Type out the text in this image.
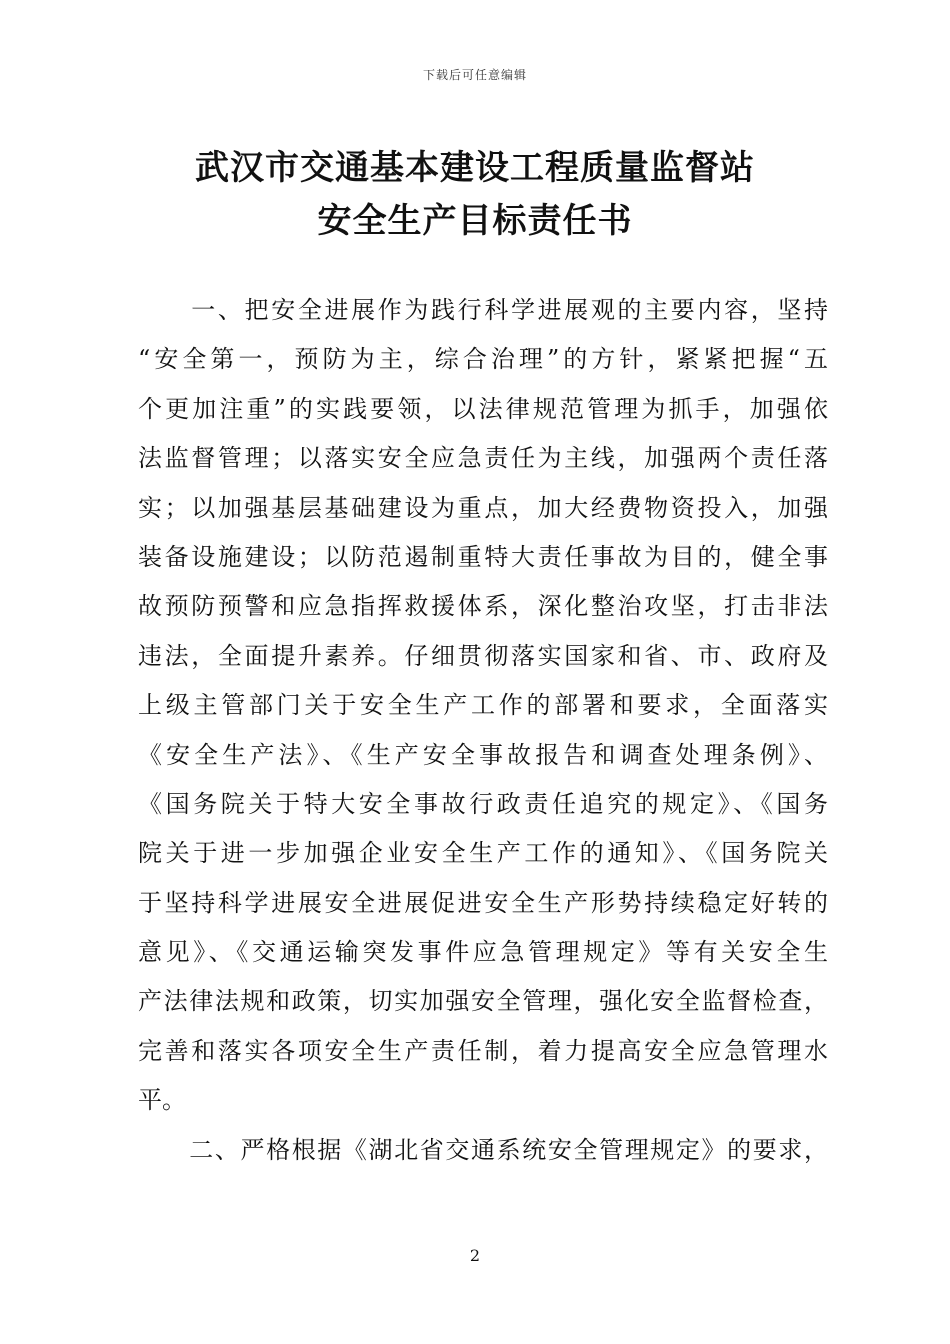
下载后可任意编辑
武汉市交通基本建设工程质量监督站
安全生产目标责任书
　　一、把安全进展作为践行科学进展观的主要内容，坚持
“安全第一，预防为主，综合治理”的方针，紧紧把握“五
个更加注重”的实践要领，以法律规范管理为抓手，加强依
法监督管理；以落实安全应急责任为主线，加强两个责任落
实；以加强基层基础建设为重点，加大经费物资投入，加强
装备设施建设；以防范遏制重特大责任事故为目的，健全事
故预防预警和应急指挥救援体系，深化整治攻坚，打击非法
违法，全面提升素养。仔细贯彻落实国家和省、市、政府及
上级主管部门关于安全生产工作的部署和要求，全面落实
《安全生产法》、《生产安全事故报告和调查处理条例》、
《国务院关于特大安全事故行政责任追究的规定》、《国务
院关于进一步加强企业安全生产工作的通知》、《国务院关
于坚持科学进展安全进展促进安全生产形势持续稳定好转的
意见》、《交通运输突发事件应急管理规定》等有关安全生
产法律法规和政策，切实加强安全管理，强化安全监督检查，
完善和落实各项安全生产责任制，着力提高安全应急管理水
平。
　　二、严格根据《湖北省交通系统安全管理规定》的要求，
2
